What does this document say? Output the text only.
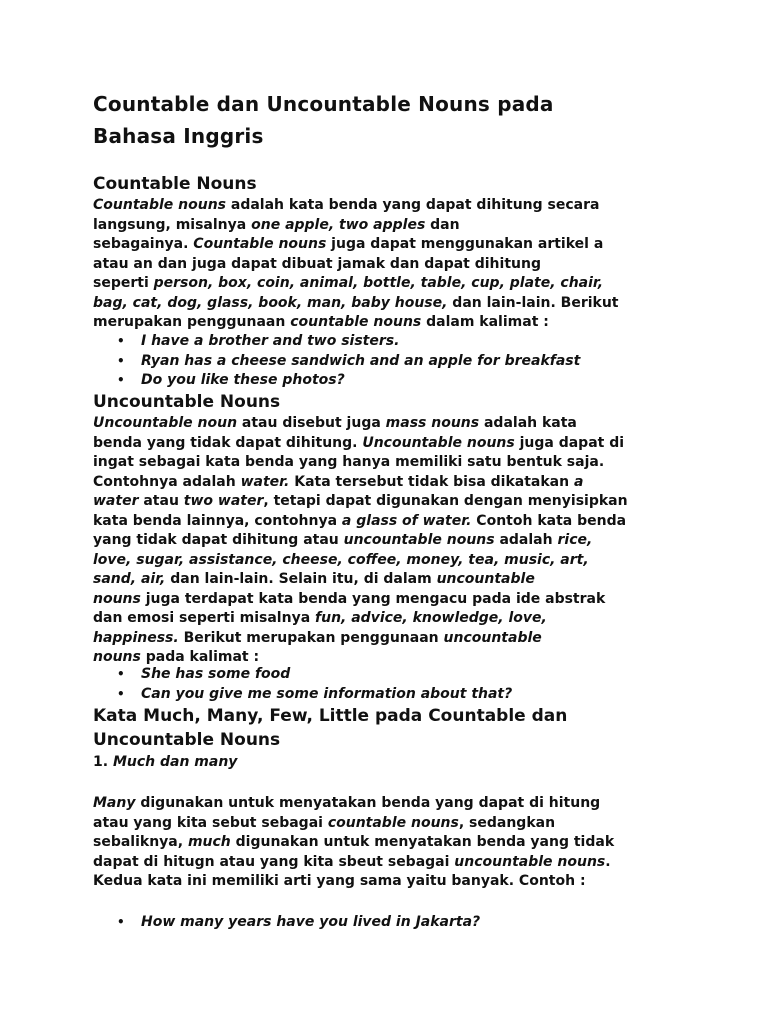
Countable dan Uncountable Nouns pada
Bahasa Inggris
Countable Nouns
Countable nouns adalah kata benda yang dapat dihitung secara
langsung, misalnya one apple, two apples dan
sebagainya. Countable nouns juga dapat menggunakan artikel a
atau an dan juga dapat dibuat jamak dan dapat dihitung
seperti person, box, coin, animal, bottle, table, cup, plate, chair,
bag, cat, dog, glass, book, man, baby house, dan lain-lain. Berikut
merupakan penggunaan countable nouns dalam kalimat :
• I have a brother and two sisters.
• Ryan has a cheese sandwich and an apple for breakfast
• Do you like these photos?
Uncountable Nouns
Uncountable noun atau disebut juga mass nouns adalah kata
benda yang tidak dapat dihitung. Uncountable nouns juga dapat di
ingat sebagai kata benda yang hanya memiliki satu bentuk saja.
Contohnya adalah water. Kata tersebut tidak bisa dikatakan a
water atau two water, tetapi dapat digunakan dengan menyisipkan
kata benda lainnya, contohnya a glass of water. Contoh kata benda
yang tidak dapat dihitung atau uncountable nouns adalah rice,
love, sugar, assistance, cheese, coffee, money, tea, music, art,
sand, air, dan lain-lain. Selain itu, di dalam uncountable
nouns juga terdapat kata benda yang mengacu pada ide abstrak
dan emosi seperti misalnya fun, advice, knowledge, love,
happiness. Berikut merupakan penggunaan uncountable
nouns pada kalimat :
• She has some food
• Can you give me some information about that?
Kata Much, Many, Few, Little pada Countable dan
Uncountable Nouns
1. Much dan many
Many digunakan untuk menyatakan benda yang dapat di hitung
atau yang kita sebut sebagai countable nouns, sedangkan
sebaliknya, much digunakan untuk menyatakan benda yang tidak
dapat di hitugn atau yang kita sbeut sebagai uncountable nouns.
Kedua kata ini memiliki arti yang sama yaitu banyak. Contoh :
• How many years have you lived in Jakarta?
